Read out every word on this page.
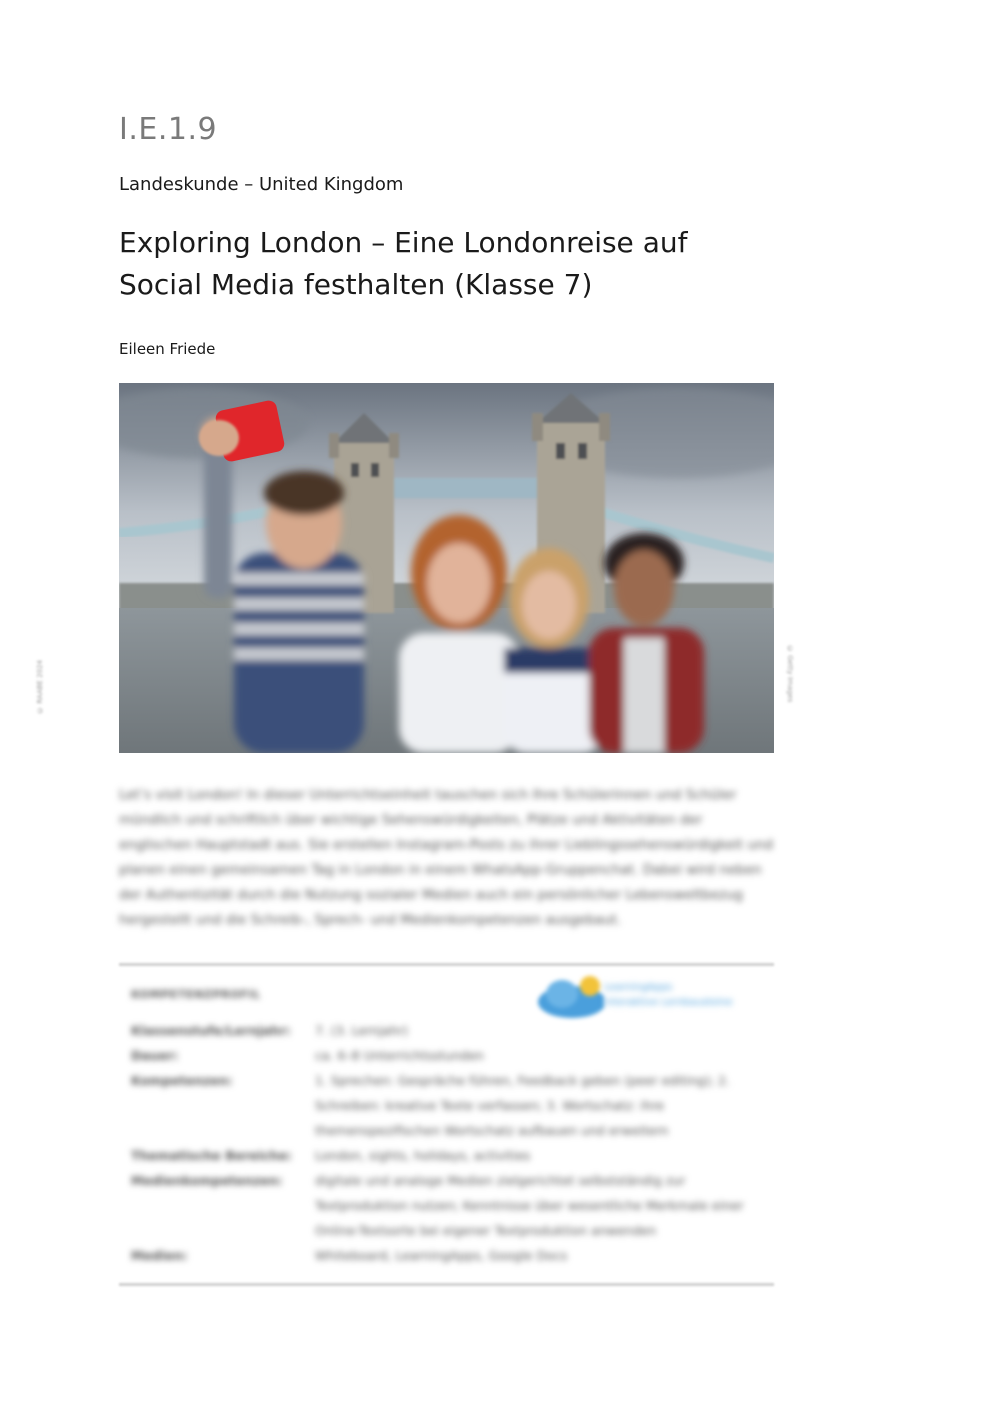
I.E.1.9
Landeskunde – United Kingdom
Exploring London – Eine Londonreise auf Social Media festhalten (Klasse 7)
Eileen Friede
© RAABE 2024	© Getty Images
Let’s visit London! In dieser Unterrichtseinheit tauschen sich Ihre Schülerinnen und Schüler mündlich und schriftlich über wichtige Sehenswürdigkeiten, Plätze und Aktivitäten der englischen Hauptstadt aus. Sie erstellen Instagram-Posts zu ihrer Lieblingssehenswürdigkeit und planen einen gemeinsamen Tag in London in einem WhatsApp-Gruppenchat. Dabei wird neben der Authentizität durch die Nutzung sozialer Medien auch ein persönlicher Lebensweltbezug hergestellt und die Schreib-, Sprech- und Medienkompetenzen ausgebaut.
KOMPETENZPROFIL
LearningApps
Interaktive Lernbausteine
Klassenstufe/Lernjahr:	7. (3. Lernjahr)
Dauer:	ca. 6–8 Unterrichtsstunden
Kompetenzen:	1. Sprechen: Gespräche führen, Feedback geben (peer editing); 2. Schreiben: kreative Texte verfassen; 3. Wortschatz: ihre themenspezifischen Wortschatz aufbauen und erweitern
Thematische Bereiche:	London, sights, holidays, activities
Medienkompetenzen:	digitale und analoge Medien zielgerichtet selbstständig zur Textproduktion nutzen; Kenntnisse über wesentliche Merkmale einer Online-Textsorte bei eigener Textproduktion anwenden
Medien:	Whiteboard, LearningApps, Google Docs
